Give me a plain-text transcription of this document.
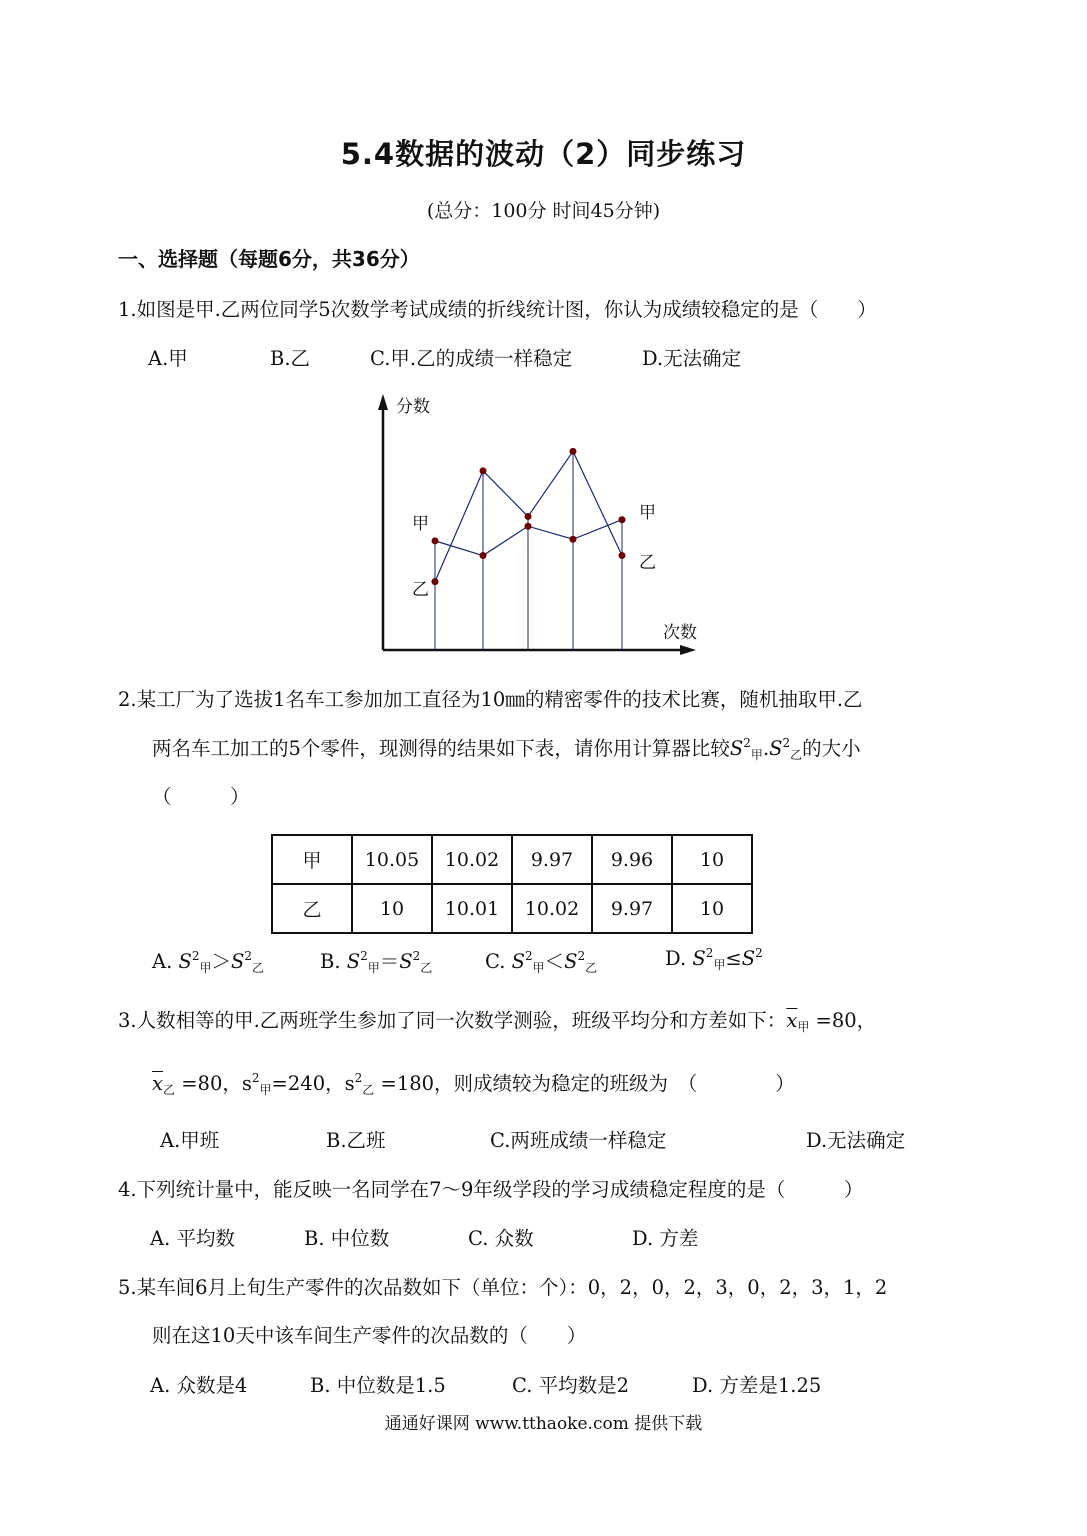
5.4数据的波动（2）同步练习
(总分：100分 时间45分钟)
一、选择题（每题6分，共36分）
1.如图是甲.乙两位同学5次数学考试成绩的折线统计图，你认为成绩较稳定的是（　　）
A.甲	B.乙	C.甲.乙的成绩一样稳定	D.无法确定
分数
次数
甲
乙
甲
乙
2.某工厂为了选拔1名车工参加加工直径为10㎜的精密零件的技术比赛，随机抽取甲.乙
两名车工加工的5个零件，现测得的结果如下表，请你用计算器比较$S^2_甲.S^2_乙$的大小
（　　　）
甲	10.05	10.02	9.97	9.96	10
乙	10	10.01	10.02	9.97	10
A. $S^2_甲>S^2_乙$	B. $S^2_甲=S^2_乙$	C. $S^2_甲<S^2_乙$	D. $S^2_甲\le S^2$
3.人数相等的甲.乙两班学生参加了同一次数学测验，班级平均分和方差如下：$\overline{x}_甲 =80$，
$\overline{x}_乙 =80$，$s^2_甲=240$，$s^2_乙 =180$，则成绩较为稳定的班级为　（　　　　）
A.甲班	B.乙班	C.两班成绩一样稳定	D.无法确定
4.下列统计量中，能反映一名同学在7～9年级学段的学习成绩稳定程度的是（　　　）
A. 平均数	B. 中位数	C. 众数	D. 方差
5.某车间6月上旬生产零件的次品数如下（单位：个）：0，2，0，2，3，0，2，3，1，2
则在这10天中该车间生产零件的次品数的（　　）
A. 众数是4	B. 中位数是1.5	C. 平均数是2	D. 方差是1.25
通通好课网 www.tthaoke.com 提供下载
